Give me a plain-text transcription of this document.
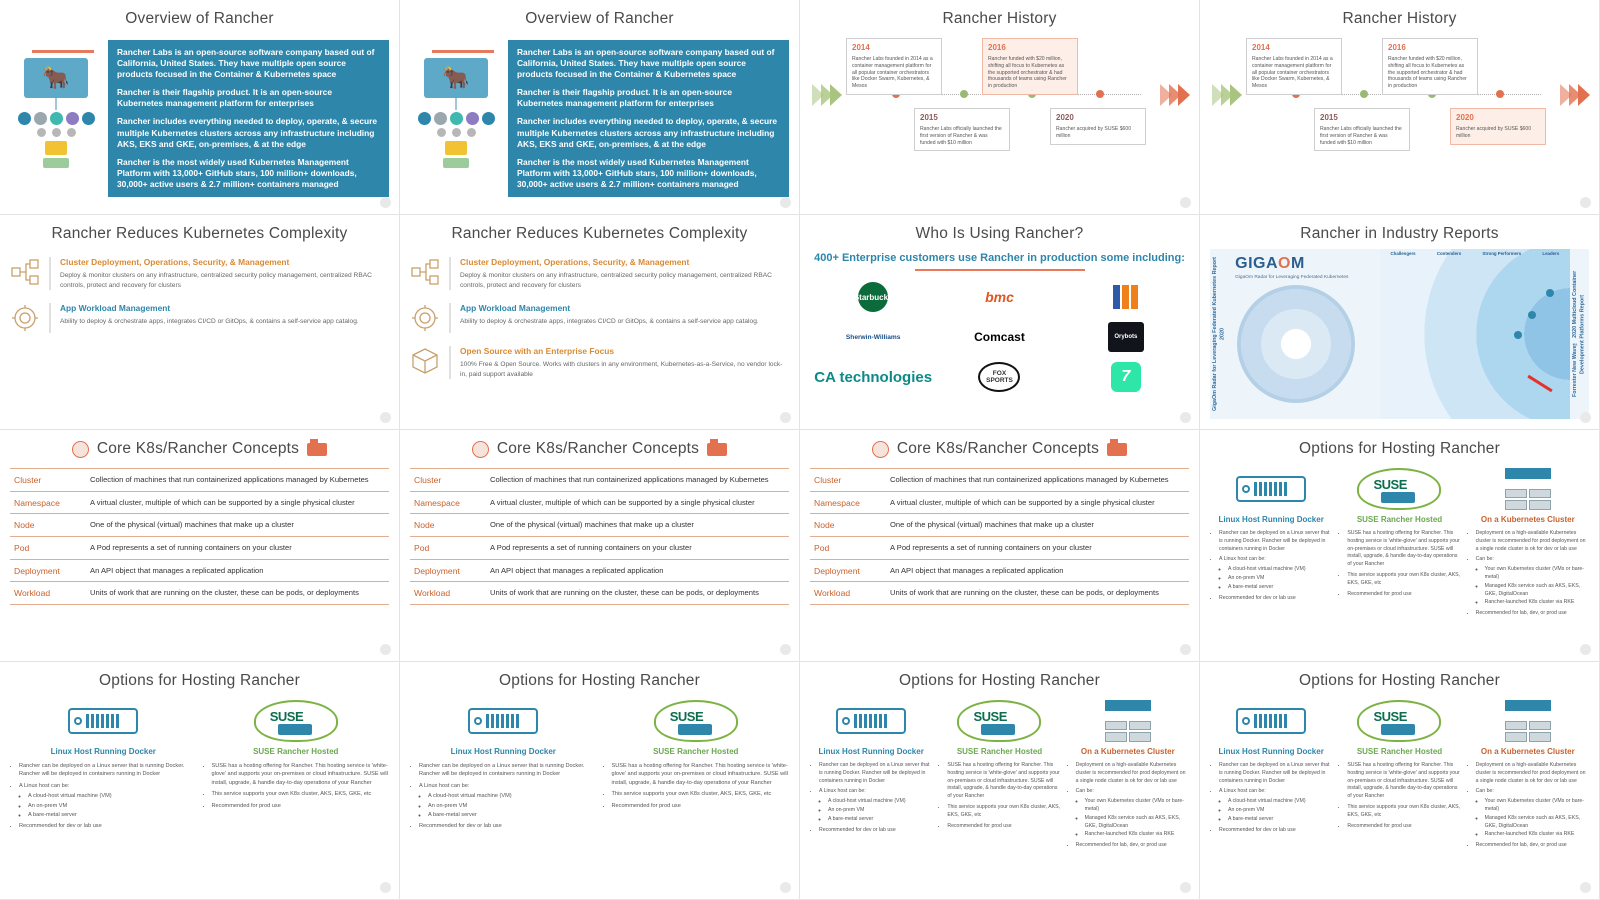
Overview of Rancher
🐂

Rancher Labs is an open-source software company based out of California, United States. They have multiple open source products focused in the Container & Kubernetes space

Rancher is their flagship product. It is an open-source Kubernetes management platform for enterprises

Rancher includes everything needed to deploy, operate, & secure multiple Kubernetes clusters across any infrastructure including AKS, EKS and GKE, on-premises, & at the edge

Rancher is the most widely used Kubernetes Management Platform with 13,000+ GitHub stars, 100 million+ downloads, 30,000+ active users & 2.7 million+ containers managed

Overview of Rancher
🐂

Rancher Labs is an open-source software company based out of California, United States. They have multiple open source products focused in the Container & Kubernetes space

Rancher is their flagship product. It is an open-source Kubernetes management platform for enterprises

Rancher includes everything needed to deploy, operate, & secure multiple Kubernetes clusters across any infrastructure including AKS, EKS and GKE, on-premises, & at the edge

Rancher is the most widely used Kubernetes Management Platform with 13,000+ GitHub stars, 100 million+ downloads, 30,000+ active users & 2.7 million+ containers managed

Rancher History
2014
Rancher Labs founded in 2014 as a container management platform for all popular container orchestrators like Docker Swarm, Kubernetes, & Mesos
2015
Rancher Labs officially launched the first version of Rancher & was funded with $10 million
2016
Rancher funded with $20 million, shifting all focus to Kubernetes as the supported orchestrator & had thousands of teams using Rancher in production
2020
Rancher acquired by SUSE $600 million
Rancher History
2014
Rancher Labs founded in 2014 as a container management platform for all popular container orchestrators like Docker Swarm, Kubernetes, & Mesos
2015
Rancher Labs officially launched the first version of Rancher & was funded with $10 million
2016
Rancher funded with $20 million, shifting all focus to Kubernetes as the supported orchestrator & had thousands of teams using Rancher in production
2020
Rancher acquired by SUSE $600 million
Rancher Reduces Kubernetes Complexity
Cluster Deployment, Operations, Security, & Management
Deploy & monitor clusters on any infrastructure, centralized security policy management, centralized RBAC controls, protect and recovery for clusters
App Workload Management
Ability to deploy & orchestrate apps, integrates CI/CD or GitOps, & contains a self-service app catalog.
Rancher Reduces Kubernetes Complexity
Cluster Deployment, Operations, Security, & Management
Deploy & monitor clusters on any infrastructure, centralized security policy management, centralized RBAC controls, protect and recovery for clusters
App Workload Management
Ability to deploy & orchestrate apps, integrates CI/CD or GitOps, & contains a self-service app catalog.
Open Source with an Enterprise Focus
100% Free & Open Source. Works with clusters in any environment, Kubernetes-as-a-Service, no vendor lock-in, paid support available
Who Is Using Rancher?
400+ Enterprise customers use Rancher in production some including:
Starbucks	bmc
Sherwin-Williams	Comcast	Orybots
CA technologies	FOX SPORTS	7
Rancher in Industry Reports
GigaOm Radar for Leveraging Federated Kubernetes Report 2020
GIGAOM
GigaOm Radar for Leveraging Federated Kubernetes
Challengers	Contenders	Strong Performers	Leaders
Forrester New Wave™ 2020 Multicloud Container Development Platforms Report
Core K8s/Rancher Concepts
Cluster	Collection of machines that run containerized applications managed by Kubernetes
Namespace	A virtual cluster, multiple of which can be supported by a single physical cluster
Node	One of the physical (virtual) machines that make up a cluster
Pod	A Pod represents a set of running containers on your cluster
Deployment	An API object that manages a replicated application
Workload	Units of work that are running on the cluster, these can be pods, or deployments
Core K8s/Rancher Concepts
Cluster	Collection of machines that run containerized applications managed by Kubernetes
Namespace	A virtual cluster, multiple of which can be supported by a single physical cluster
Node	One of the physical (virtual) machines that make up a cluster
Pod	A Pod represents a set of running containers on your cluster
Deployment	An API object that manages a replicated application
Workload	Units of work that are running on the cluster, these can be pods, or deployments
Core K8s/Rancher Concepts
Cluster	Collection of machines that run containerized applications managed by Kubernetes
Namespace	A virtual cluster, multiple of which can be supported by a single physical cluster
Node	One of the physical (virtual) machines that make up a cluster
Pod	A Pod represents a set of running containers on your cluster
Deployment	An API object that manages a replicated application
Workload	Units of work that are running on the cluster, these can be pods, or deployments
Options for Hosting Rancher
Linux Host Running Docker
• Rancher can be deployed on a Linux server that is running Docker. Rancher will be deployed in containers running in Docker
• A Linux host can be:
◦ A cloud-host virtual machine (VM)
◦ An on-prem VM
◦ A bare-metal server
• Recommended for dev or lab use
SUSE
SUSE Rancher Hosted
• SUSE has a hosting offering for Rancher. This hosting service is 'white-glove' and supports your on-premises or cloud infrastructure. SUSE will install, upgrade, & handle day-to-day operations of your Rancher
• This service supports your own K8s cluster, AKS, EKS, GKE, etc
• Recommended for prod use
On a Kubernetes Cluster
• Deployment on a high-available Kubernetes cluster is recommended for prod deployment on a single node cluster is ok for dev or lab use
• Can be:
◦ Your own Kubernetes cluster (VMs or bare-metal)
◦ Managed K8s service such as AKS, EKS, GKE, DigitalOcean
◦ Rancher-launched K8s cluster via RKE
• Recommended for lab, dev, or prod use
Options for Hosting Rancher
Linux Host Running Docker
• Rancher can be deployed on a Linux server that is running Docker. Rancher will be deployed in containers running in Docker
• A Linux host can be:
◦ A cloud-host virtual machine (VM)
◦ An on-prem VM
◦ A bare-metal server
• Recommended for dev or lab use
SUSE
SUSE Rancher Hosted
• SUSE has a hosting offering for Rancher. This hosting service is 'white-glove' and supports your on-premises or cloud infrastructure. SUSE will install, upgrade, & handle day-to-day operations of your Rancher
• This service supports your own K8s cluster, AKS, EKS, GKE, etc
• Recommended for prod use
Options for Hosting Rancher
Linux Host Running Docker
• Rancher can be deployed on a Linux server that is running Docker. Rancher will be deployed in containers running in Docker
• A Linux host can be:
◦ A cloud-host virtual machine (VM)
◦ An on-prem VM
◦ A bare-metal server
• Recommended for dev or lab use
SUSE
SUSE Rancher Hosted
• SUSE has a hosting offering for Rancher. This hosting service is 'white-glove' and supports your on-premises or cloud infrastructure. SUSE will install, upgrade, & handle day-to-day operations of your Rancher
• This service supports your own K8s cluster, AKS, EKS, GKE, etc
• Recommended for prod use
Options for Hosting Rancher
Linux Host Running Docker
• Rancher can be deployed on a Linux server that is running Docker. Rancher will be deployed in containers running in Docker
• A Linux host can be:
◦ A cloud-host virtual machine (VM)
◦ An on-prem VM
◦ A bare-metal server
• Recommended for dev or lab use
SUSE
SUSE Rancher Hosted
• SUSE has a hosting offering for Rancher. This hosting service is 'white-glove' and supports your on-premises or cloud infrastructure. SUSE will install, upgrade, & handle day-to-day operations of your Rancher
• This service supports your own K8s cluster, AKS, EKS, GKE, etc
• Recommended for prod use
On a Kubernetes Cluster
• Deployment on a high-available Kubernetes cluster is recommended for prod deployment on a single node cluster is ok for dev or lab use
• Can be:
◦ Your own Kubernetes cluster (VMs or bare-metal)
◦ Managed K8s service such as AKS, EKS, GKE, DigitalOcean
◦ Rancher-launched K8s cluster via RKE
• Recommended for lab, dev, or prod use
Options for Hosting Rancher
Linux Host Running Docker
• Rancher can be deployed on a Linux server that is running Docker. Rancher will be deployed in containers running in Docker
• A Linux host can be:
◦ A cloud-host virtual machine (VM)
◦ An on-prem VM
◦ A bare-metal server
• Recommended for dev or lab use
SUSE
SUSE Rancher Hosted
• SUSE has a hosting offering for Rancher. This hosting service is 'white-glove' and supports your on-premises or cloud infrastructure. SUSE will install, upgrade, & handle day-to-day operations of your Rancher
• This service supports your own K8s cluster, AKS, EKS, GKE, etc
• Recommended for prod use
On a Kubernetes Cluster
• Deployment on a high-available Kubernetes cluster is recommended for prod deployment on a single node cluster is ok for dev or lab use
• Can be:
◦ Your own Kubernetes cluster (VMs or bare-metal)
◦ Managed K8s service such as AKS, EKS, GKE, DigitalOcean
◦ Rancher-launched K8s cluster via RKE
• Recommended for lab, dev, or prod use
